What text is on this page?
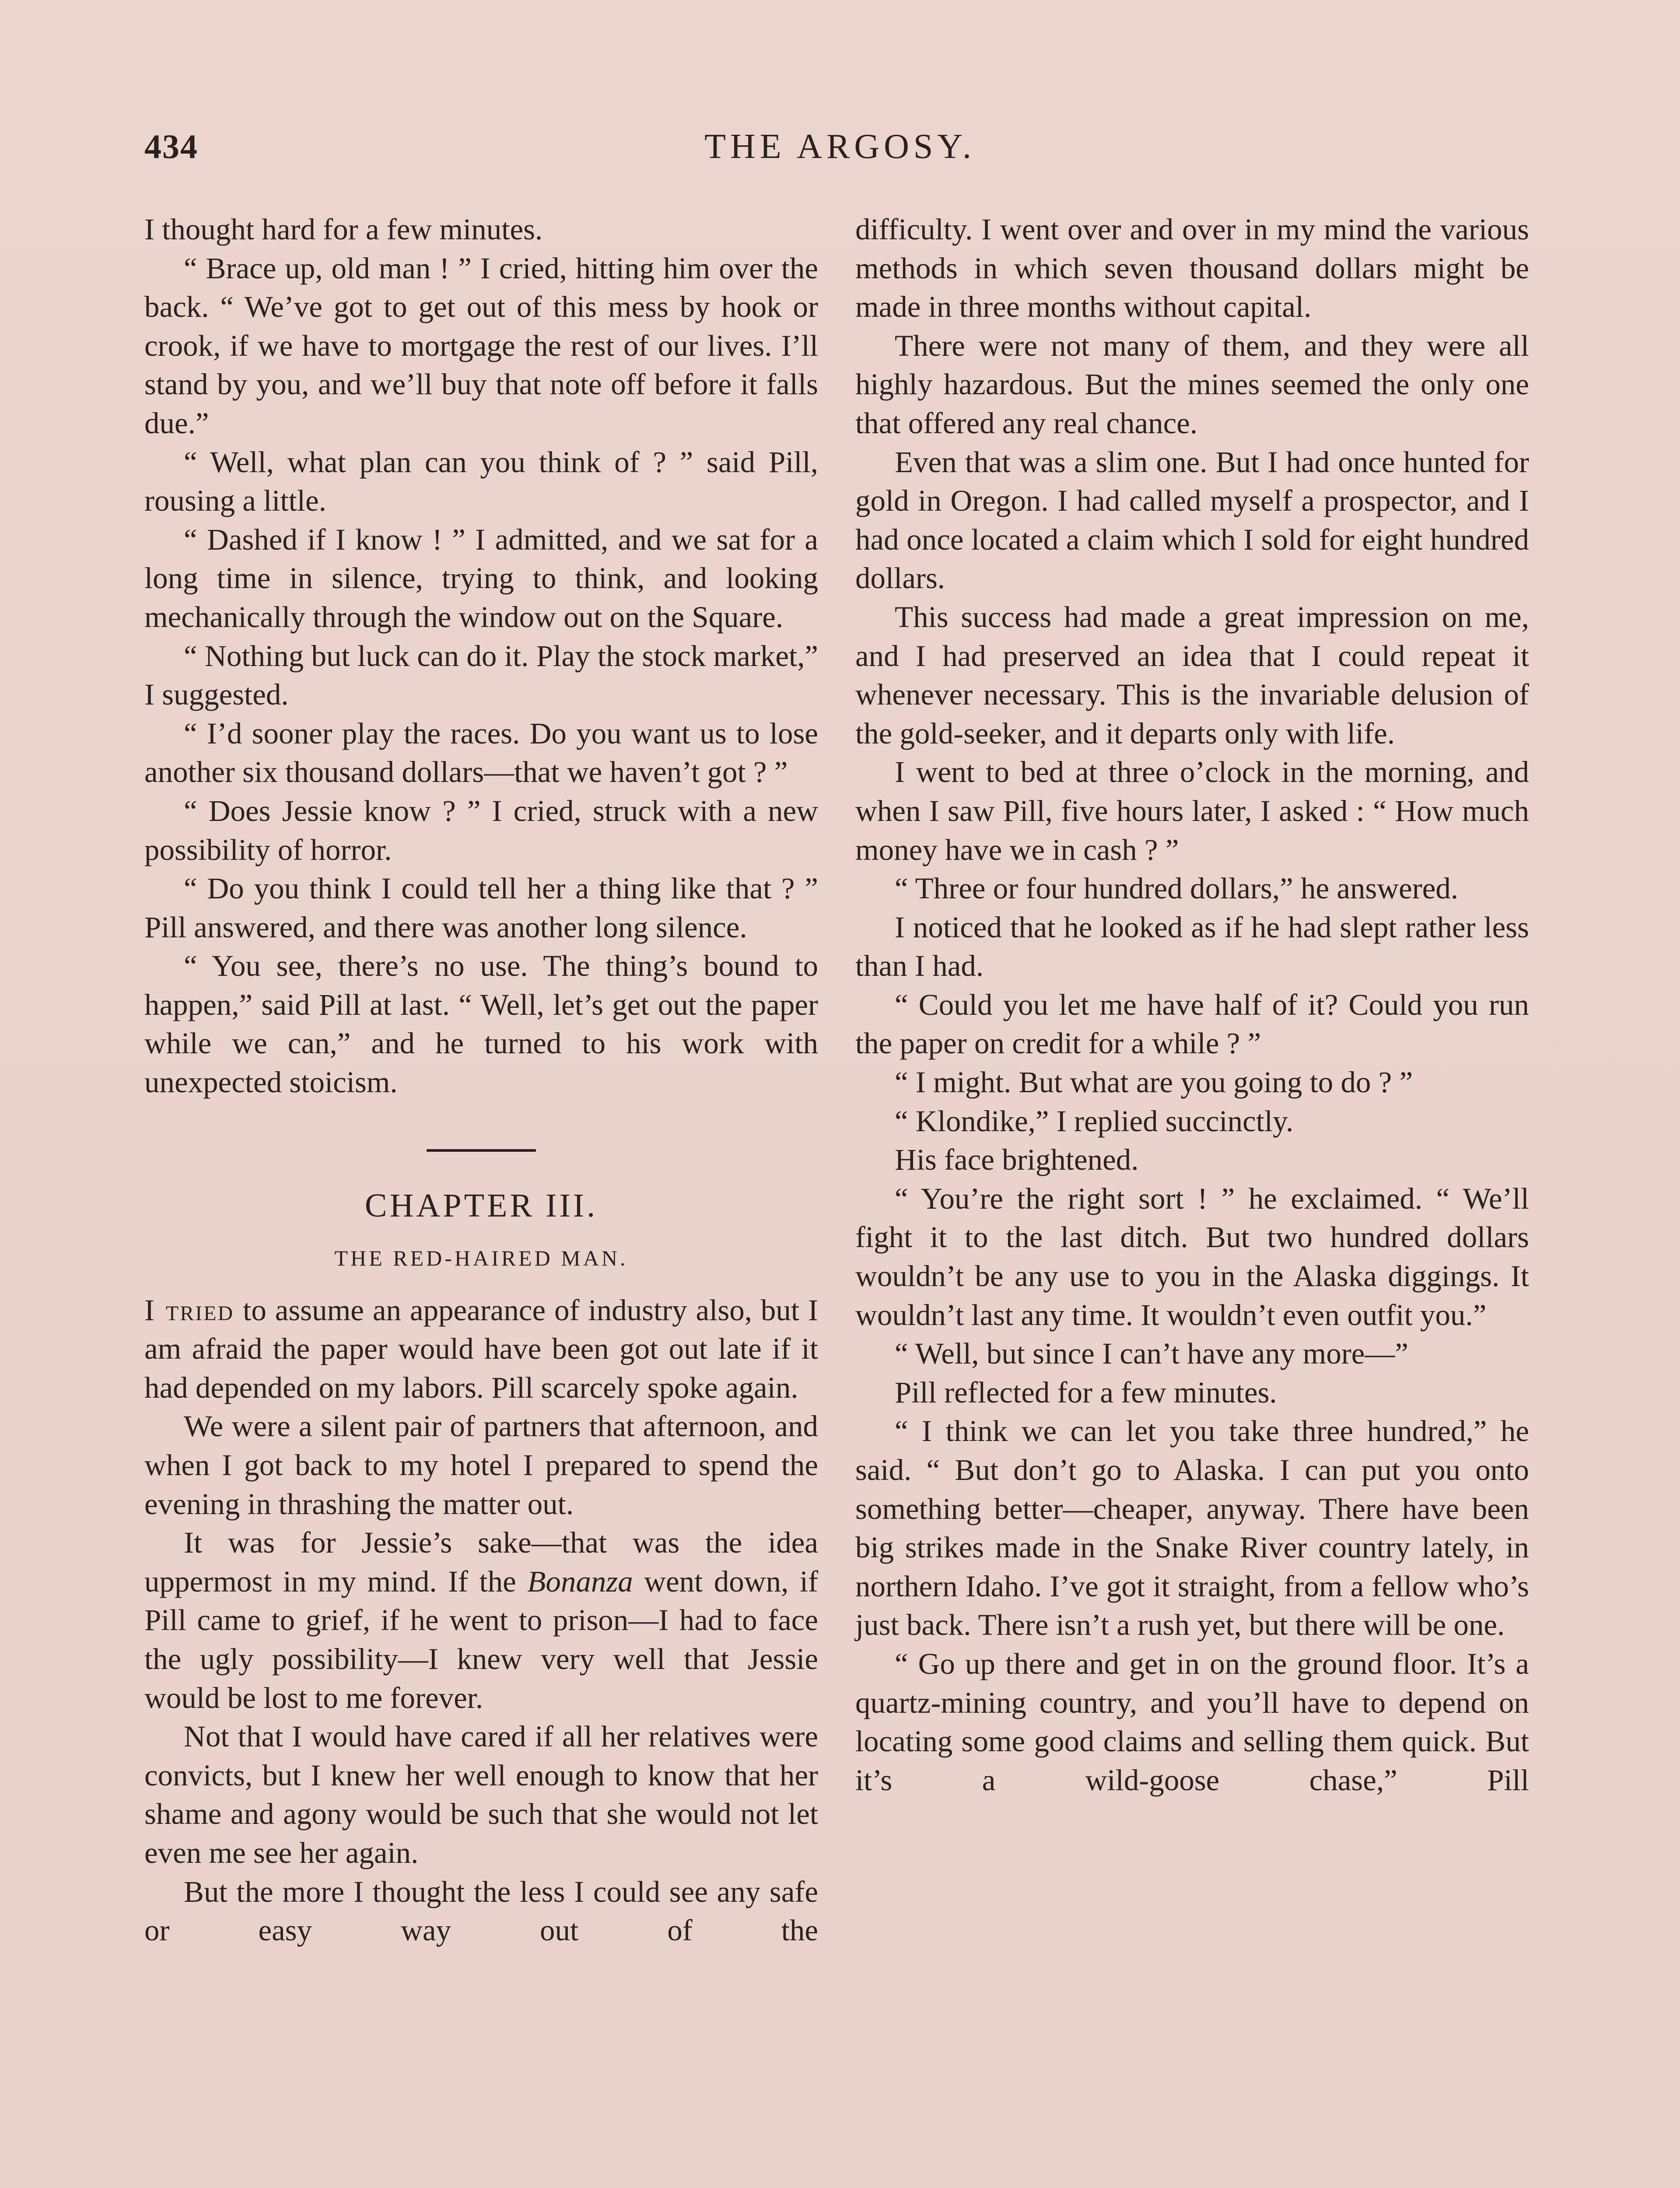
434	THE ARGOSY.

I thought hard for a few minutes.

“ Brace up, old man ! ” I cried, hitting him over the back. “ We’ve got to get out of this mess by hook or crook, if we have to mortgage the rest of our lives. I’ll stand by you, and we’ll buy that note off before it falls due.”

“ Well, what plan can you think of ? ” said Pill, rousing a little.

“ Dashed if I know ! ” I admitted, and we sat for a long time in silence, trying to think, and looking mechanically through the window out on the Square.

“ Nothing but luck can do it. Play the stock market,” I suggested.

“ I’d sooner play the races. Do you want us to lose another six thousand dollars—that we haven’t got ? ”

“ Does Jessie know ? ” I cried, struck with a new possibility of horror.

“ Do you think I could tell her a thing like that ? ” Pill answered, and there was another long silence.

“ You see, there’s no use. The thing’s bound to happen,” said Pill at last. “ Well, let’s get out the paper while we can,” and he turned to his work with unexpected stoicism.

CHAPTER III.
THE RED-HAIRED MAN.

I tried to assume an appearance of industry also, but I am afraid the paper would have been got out late if it had depended on my labors. Pill scarcely spoke again.

We were a silent pair of partners that afternoon, and when I got back to my hotel I prepared to spend the evening in thrashing the matter out.

It was for Jessie’s sake—that was the idea uppermost in my mind. If the Bonanza went down, if Pill came to grief, if he went to prison—I had to face the ugly possibility—I knew very well that Jessie would be lost to me forever.

Not that I would have cared if all her relatives were convicts, but I knew her well enough to know that her shame and agony would be such that she would not let even me see her again.

But the more I thought the less I could see any safe or easy way out of the

difficulty. I went over and over in my mind the various methods in which seven thousand dollars might be made in three months without capital.

There were not many of them, and they were all highly hazardous. But the mines seemed the only one that offered any real chance.

Even that was a slim one. But I had once hunted for gold in Oregon. I had called myself a prospector, and I had once located a claim which I sold for eight hundred dollars.

This success had made a great impression on me, and I had preserved an idea that I could repeat it whenever necessary. This is the invariable delusion of the gold-seeker, and it departs only with life.

I went to bed at three o’clock in the morning, and when I saw Pill, five hours later, I asked : “ How much money have we in cash ? ”

“ Three or four hundred dollars,” he answered.

I noticed that he looked as if he had slept rather less than I had.

“ Could you let me have half of it? Could you run the paper on credit for a while ? ”

“ I might. But what are you going to do ? ”

“ Klondike,” I replied succinctly.

His face brightened.

“ You’re the right sort ! ” he exclaimed. “ We’ll fight it to the last ditch. But two hundred dollars wouldn’t be any use to you in the Alaska diggings. It wouldn’t last any time. It wouldn’t even outfit you.”

“ Well, but since I can’t have any more—”

Pill reflected for a few minutes.

“ I think we can let you take three hundred,” he said. “ But don’t go to Alaska. I can put you onto something better—cheaper, anyway. There have been big strikes made in the Snake River country lately, in northern Idaho. I’ve got it straight, from a fellow who’s just back. There isn’t a rush yet, but there will be one.

“ Go up there and get in on the ground floor. It’s a quartz-mining country, and you’ll have to depend on locating some good claims and selling them quick. But it’s a wild-goose chase,” Pill
